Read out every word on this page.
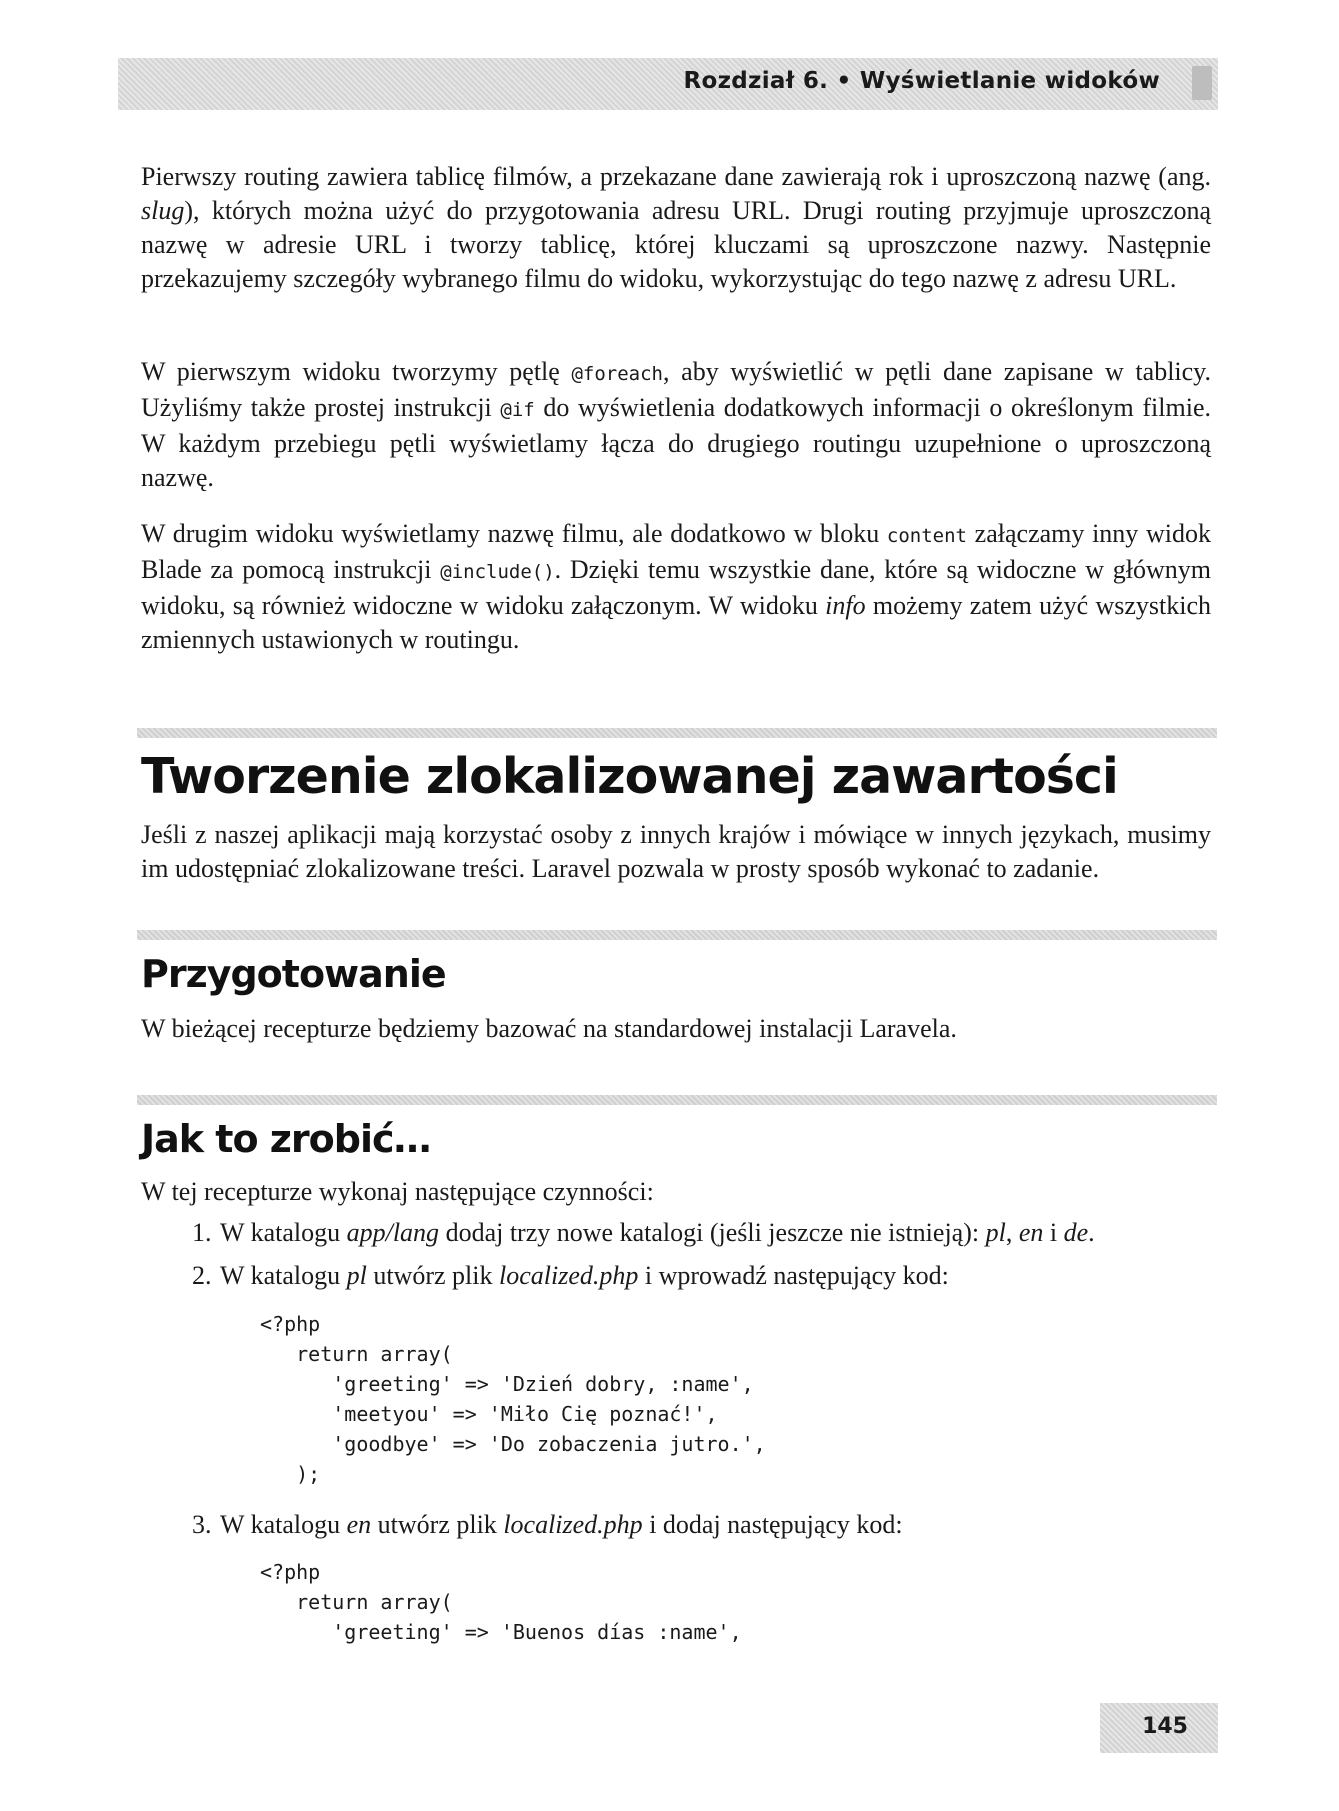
Rozdział 6. • Wyświetlanie widoków

Pierwszy routing zawiera tablicę filmów, a przekazane dane zawierają rok i uproszczoną nazwę (ang. slug), których można użyć do przygotowania adresu URL. Drugi routing przyjmuje uproszczoną nazwę w adresie URL i tworzy tablicę, której kluczami są uproszczone nazwy. Następnie przekazujemy szczegóły wybranego filmu do widoku, wykorzystując do tego nazwę z adresu URL.

W pierwszym widoku tworzymy pętlę @foreach, aby wyświetlić w pętli dane zapisane w tablicy. Użyliśmy także prostej instrukcji @if do wyświetlenia dodatkowych informacji o określonym filmie. W każdym przebiegu pętli wyświetlamy łącza do drugiego routingu uzupełnione o uproszczoną nazwę.

W drugim widoku wyświetlamy nazwę filmu, ale dodatkowo w bloku content załączamy inny widok Blade za pomocą instrukcji @include(). Dzięki temu wszystkie dane, które są widoczne w głównym widoku, są również widoczne w widoku załączonym. W widoku info możemy zatem użyć wszystkich zmiennych ustawionych w routingu.

Tworzenie zlokalizowanej zawartości

Jeśli z naszej aplikacji mają korzystać osoby z innych krajów i mówiące w innych językach, musimy im udostępniać zlokalizowane treści. Laravel pozwala w prosty sposób wykonać to zadanie.

Przygotowanie

W bieżącej recepturze będziemy bazować na standardowej instalacji Laravela.

Jak to zrobić…

W tej recepturze wykonaj następujące czynności:

1. W katalogu app/lang dodaj trzy nowe katalogi (jeśli jeszcze nie istnieją): pl, en i de.

2. W katalogu pl utwórz plik localized.php i wprowadź następujący kod:

<?php
return array(
'greeting' => 'Dzień dobry, :name',
'meetyou' => 'Miło Cię poznać!',
'goodbye' => 'Do zobaczenia jutro.',
);

3. W katalogu en utwórz plik localized.php i dodaj następujący kod:

<?php
return array(
'greeting' => 'Buenos días :name',
145
